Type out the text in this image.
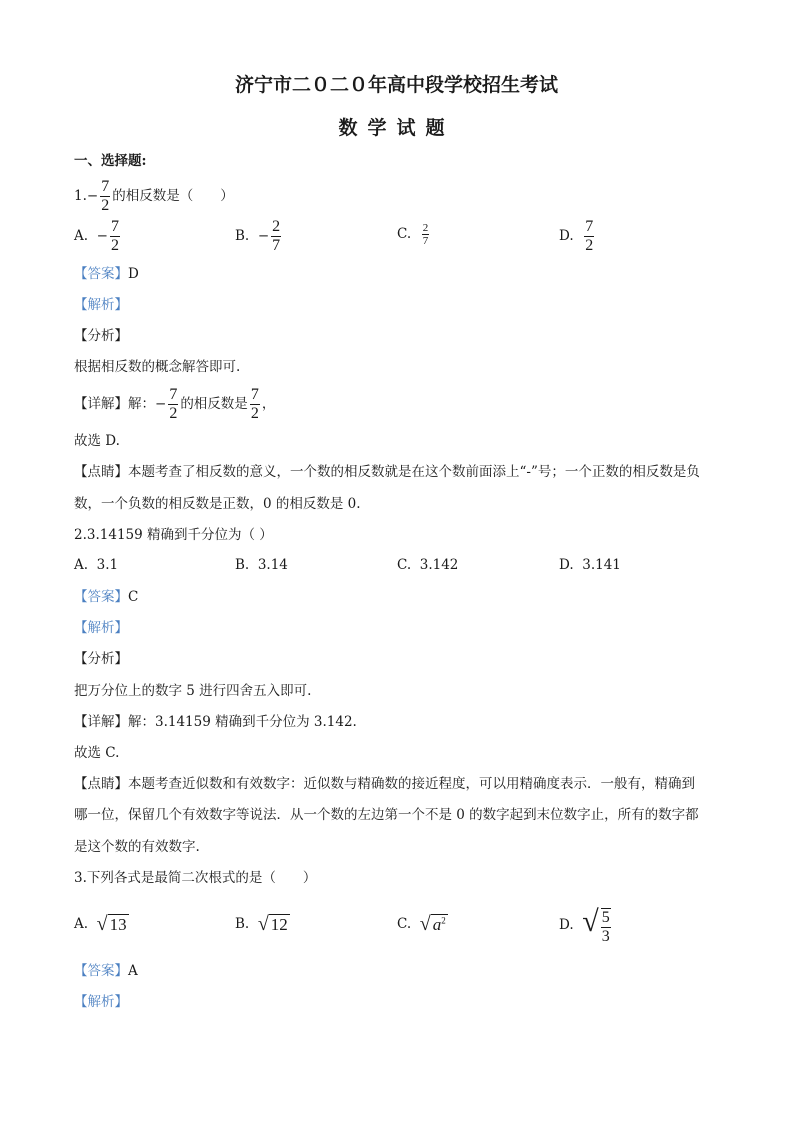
济宁市二０二０年高中段学校招生考试
数学试题
一、选择题:
$1.- \frac{7}{2}$ 的相反数是（　　）
A. − $\frac{7}{2}$	B. − $\frac{2}{7}$	C. $\frac{2}{7}$	D. $\frac{7}{2}$
【答案】D
【解析】
【分析】
根据相反数的概念解答即可.
【详解】解：− $\frac{7}{2}$ 的相反数是 $\frac{7}{2}$ ，
故选 D.
【点睛】本题考查了相反数的意义，一个数的相反数就是在这个数前面添上“-”号；一个正数的相反数是负
数，一个负数的相反数是正数，0 的相反数是 0.
2.3.14159 精确到千分位为（ ）
A. 3.1	B. 3.14	C. 3.142	D. 3.141
【答案】C
【解析】
【分析】
把万分位上的数字 5 进行四舍五入即可.
【详解】解：3.14159 精确到千分位为 3.142.
故选 C.
【点睛】本题考查近似数和有效数字：近似数与精确数的接近程度，可以用精确度表示．一般有，精确到
哪一位，保留几个有效数字等说法．从一个数的左边第一个不是 0 的数字起到末位数字止，所有的数字都
是这个数的有效数字.
3.下列各式是最简二次根式的是（　　）
A. √ 13	B. √ 12	C. √ $a^2$	D. √ $\frac{5}{3}$
【答案】A
【解析】
